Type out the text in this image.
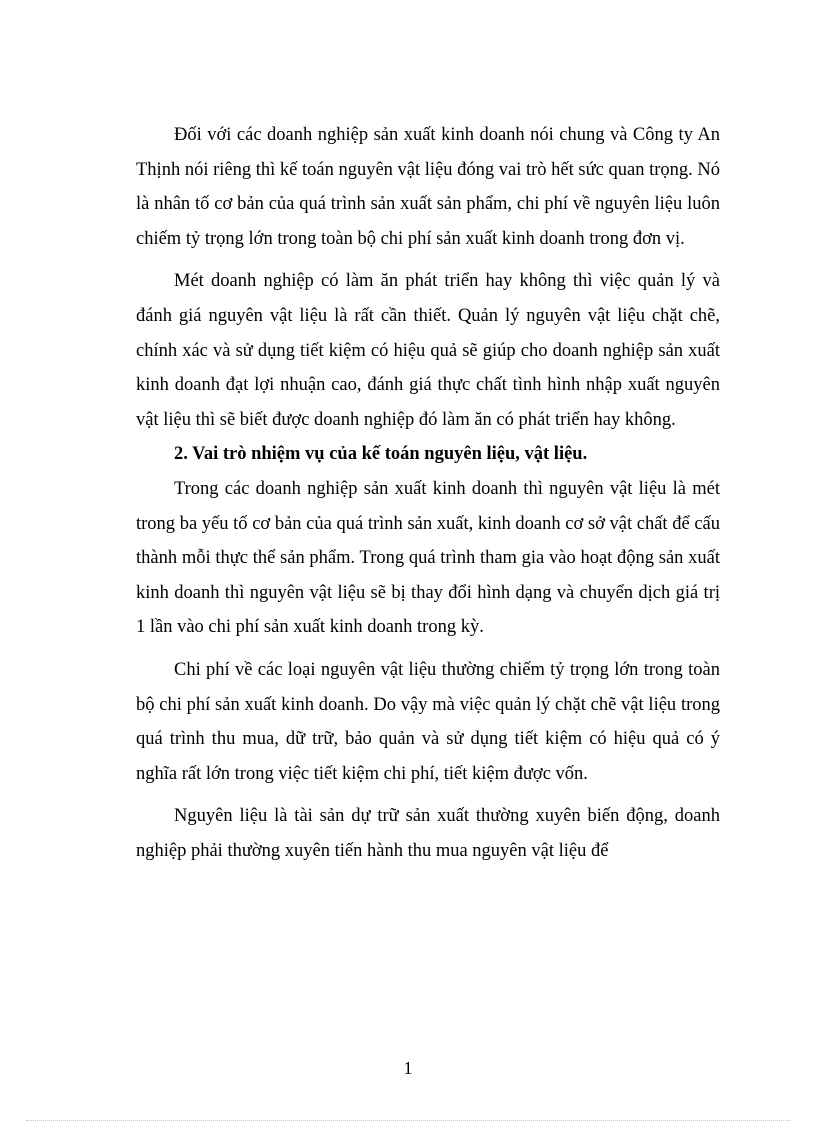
Đối với các doanh nghiệp sản xuất kinh doanh nói chung và Công ty An Thịnh nói riêng thì kế toán nguyên vật liệu đóng vai trò hết sức quan trọng. Nó là nhân tố cơ bản của quá trình sản xuất sản phẩm, chi phí về nguyên liệu luôn chiếm tỷ trọng lớn trong toàn bộ chi phí sản xuất kinh doanh trong đơn vị.

Mét doanh nghiệp có làm ăn phát triển hay không thì việc quản lý và đánh giá nguyên vật liệu là rất cần thiết. Quản lý nguyên vật liệu chặt chẽ, chính xác và sử dụng tiết kiệm có hiệu quả sẽ giúp cho doanh nghiệp sản xuất kinh doanh đạt lợi nhuận cao, đánh giá thực chất tình hình nhập xuất nguyên vật liệu thì sẽ biết được doanh nghiệp đó làm ăn có phát triển hay không.

2. Vai trò nhiệm vụ của kế toán nguyên liệu, vật liệu.

Trong các doanh nghiệp sản xuất kinh doanh thì nguyên vật liệu là mét trong ba yếu tố cơ bản của quá trình sản xuất, kinh doanh cơ sở vật chất để cấu thành mỗi thực thể sản phẩm. Trong quá trình tham gia vào hoạt động sản xuất kinh doanh thì nguyên vật liệu sẽ bị thay đổi hình dạng và chuyển dịch giá trị 1 lần vào chi phí sản xuất kinh doanh trong kỳ.

Chi phí về các loại nguyên vật liệu thường chiếm tỷ trọng lớn trong toàn bộ chi phí sản xuất kinh doanh. Do vậy mà việc quản lý chặt chẽ vật liệu trong quá trình thu mua, dữ trữ, bảo quản và sử dụng tiết kiệm có hiệu quả có ý nghĩa rất lớn trong việc tiết kiệm chi phí, tiết kiệm được vốn.

Nguyên liệu là tài sản dự trữ sản xuất thường xuyên biến động, doanh nghiệp phải thường xuyên tiến hành thu mua nguyên vật liệu để

1
